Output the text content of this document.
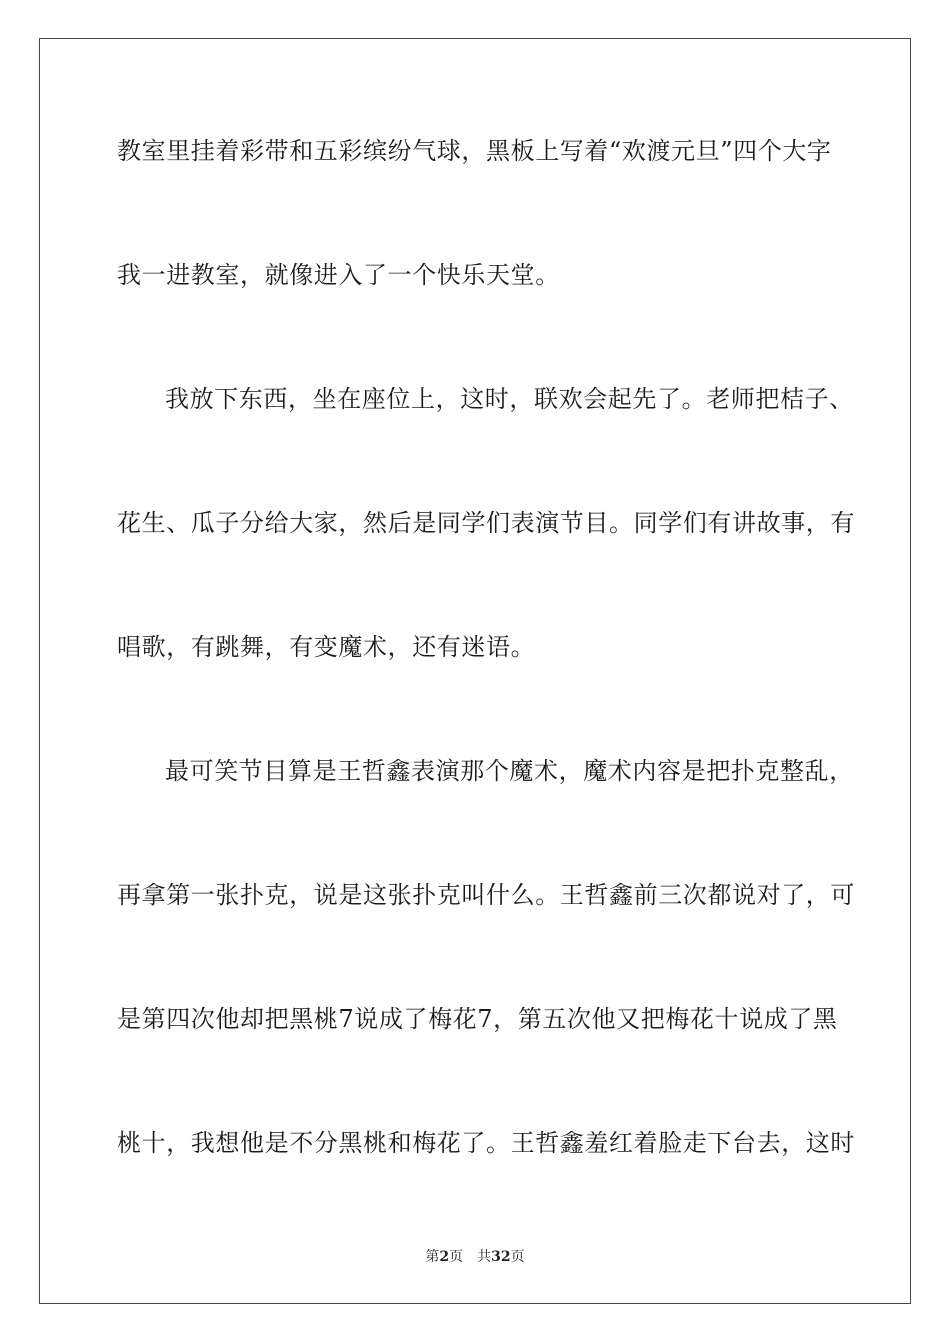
教室里挂着彩带和五彩缤纷气球，黑板上写着“欢渡元旦”四个大字
我一进教室，就像进入了一个快乐天堂。
我放下东西，坐在座位上，这时，联欢会起先了。老师把桔子、
花生、瓜子分给大家，然后是同学们表演节目。同学们有讲故事，有
唱歌，有跳舞，有变魔术，还有迷语。
最可笑节目算是王哲鑫表演那个魔术，魔术内容是把扑克整乱，
再拿第一张扑克，说是这张扑克叫什么。王哲鑫前三次都说对了，可
是第四次他却把黑桃7说成了梅花7，第五次他又把梅花十说成了黑
桃十，我想他是不分黑桃和梅花了。王哲鑫羞红着脸走下台去，这时
第2页 共32页
